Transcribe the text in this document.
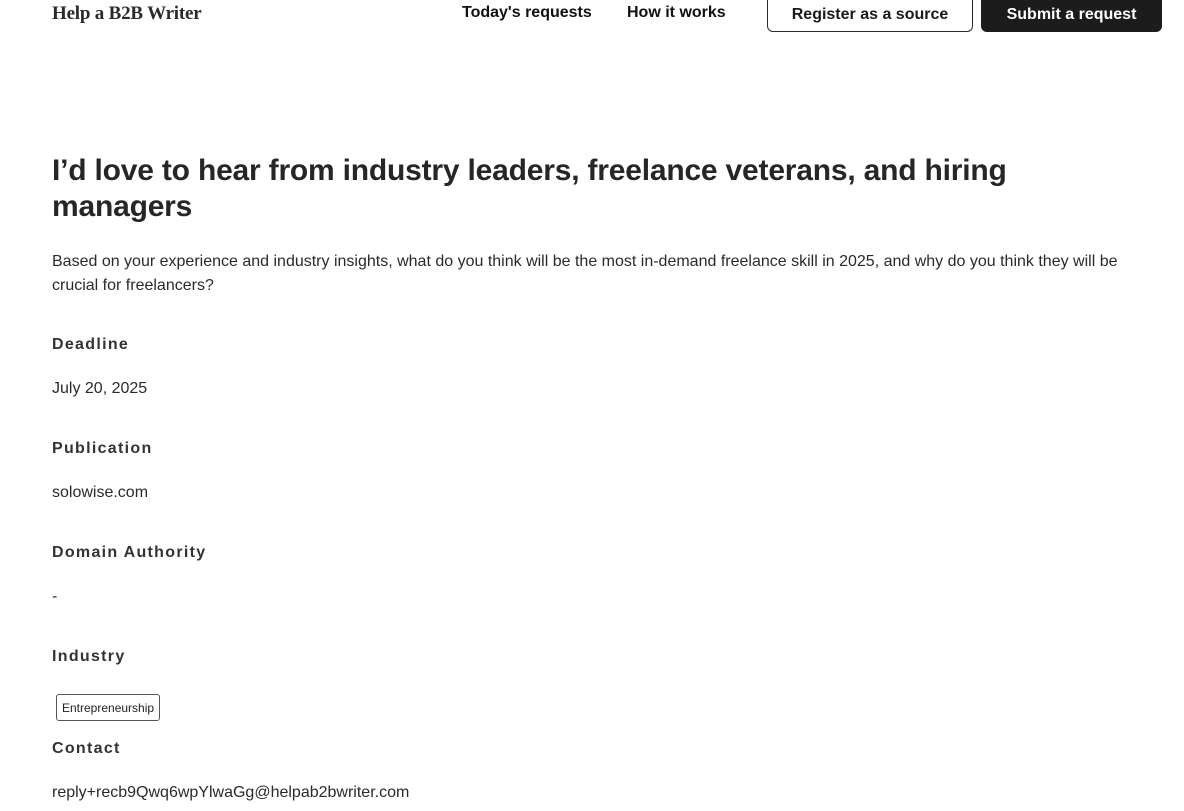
Help a B2B Writer	Today's requests How it works	Register as a source	Submit a request
I’d love to hear from industry leaders, freelance veterans, and hiring managers

Based on your experience and industry insights, what do you think will be the most in-demand freelance skill in 2025, and why do you think they will be crucial for freelancers?

Deadline
July 20, 2025
Publication
solowise.com
Domain Authority
-
Industry
Entrepreneurship
Contact
reply+recb9Qwq6wpYlwaGg@helpab2bwriter.com
